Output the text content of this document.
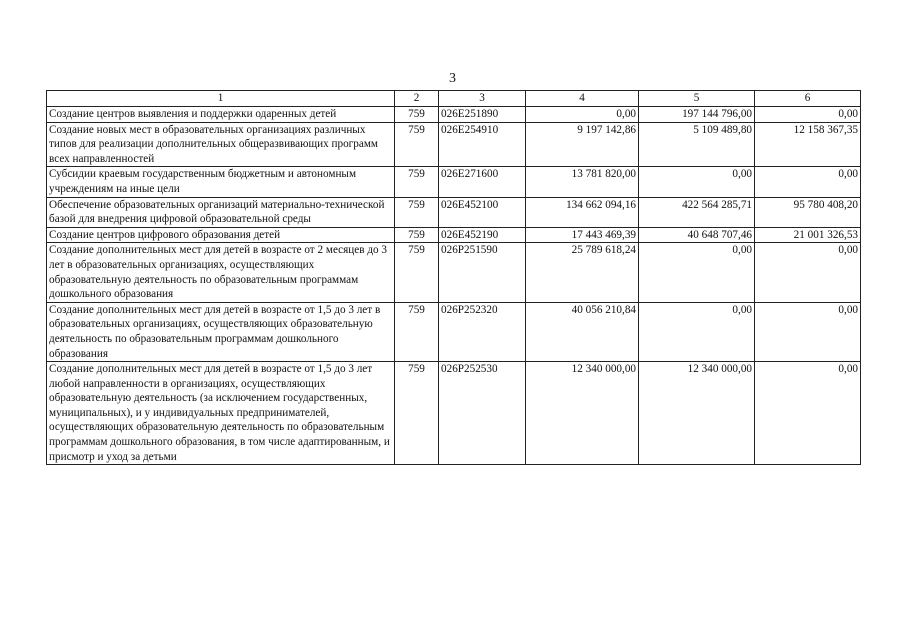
3
1	2	3	4	5	6
Создание центров выявления и поддержки одаренных детей	759	026Е251890	0,00	197 144 796,00	0,00
Создание новых мест в образовательных организациях различных типов для реализации дополнительных общеразвивающих программ всех направленностей	759	026Е254910	9 197 142,86	5 109 489,80	12 158 367,35
Субсидии краевым государственным бюджетным и автономным учреждениям на иные цели	759	026Е271600	13 781 820,00	0,00	0,00
Обеспечение образовательных организаций материально-технической базой для внедрения цифровой образовательной среды	759	026Е452100	134 662 094,16	422 564 285,71	95 780 408,20
Создание центров цифрового образования детей	759	026Е452190	17 443 469,39	40 648 707,46	21 001 326,53
Создание дополнительных мест для детей в возрасте от 2 месяцев до 3 лет в образовательных организациях, осуществляющих образовательную деятельность по образовательным программам дошкольного образования	759	026Р251590	25 789 618,24	0,00	0,00
Создание дополнительных мест для детей в возрасте от 1,5 до 3 лет в образовательных организациях, осуществляющих образовательную деятельность по образовательным программам дошкольного образования	759	026Р252320	40 056 210,84	0,00	0,00
Создание дополнительных мест для детей в возрасте от 1,5 до 3 лет любой направленности в организациях, осуществляющих образовательную деятельность (за исключением государственных, муниципальных), и у индивидуальных предпринимателей, осуществляющих образовательную деятельность по образовательным программам дошкольного образования, в том числе адаптированным, и присмотр и уход за детьми	759	026Р252530	12 340 000,00	12 340 000,00	0,00
